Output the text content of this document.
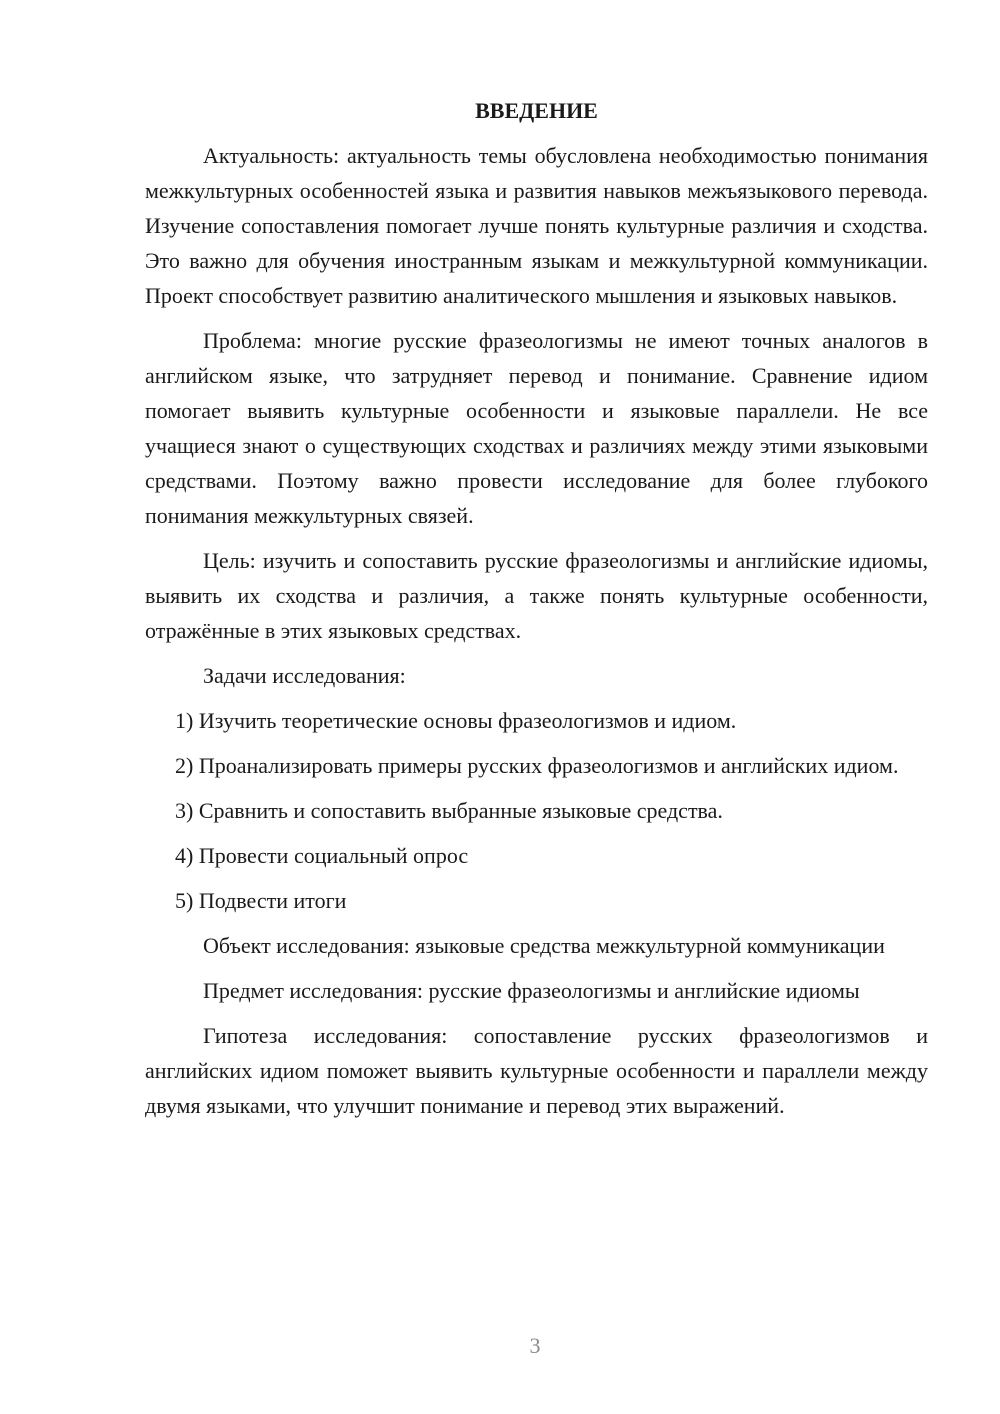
ВВЕДЕНИЕ

Актуальность: актуальность темы обусловлена необходимостью понимания межкультурных особенностей языка и развития навыков межъязыкового перевода. Изучение сопоставления помогает лучше понять культурные различия и сходства. Это важно для обучения иностранным языкам и межкультурной коммуникации. Проект способствует развитию аналитического мышления и языковых навыков.

Проблема: многие русские фразеологизмы не имеют точных аналогов в английском языке, что затрудняет перевод и понимание. Сравнение идиом помогает выявить культурные особенности и языковые параллели. Не все учащиеся знают о существующих сходствах и различиях между этими языковыми средствами. Поэтому важно провести исследование для более глубокого понимания межкультурных связей.

Цель: изучить и сопоставить русские фразеологизмы и английские идиомы, выявить их сходства и различия, а также понять культурные особенности, отражённые в этих языковых средствах.

Задачи исследования:

1) Изучить теоретические основы фразеологизмов и идиом.

2) Проанализировать примеры русских фразеологизмов и английских идиом.

3) Сравнить и сопоставить выбранные языковые средства.

4) Провести социальный опрос

5) Подвести итоги

Объект исследования: языковые средства межкультурной коммуникации

Предмет исследования: русские фразеологизмы и английские идиомы

Гипотеза исследования: сопоставление русских фразеологизмов и английских идиом поможет выявить культурные особенности и параллели между двумя языками, что улучшит понимание и перевод этих выражений.

3
